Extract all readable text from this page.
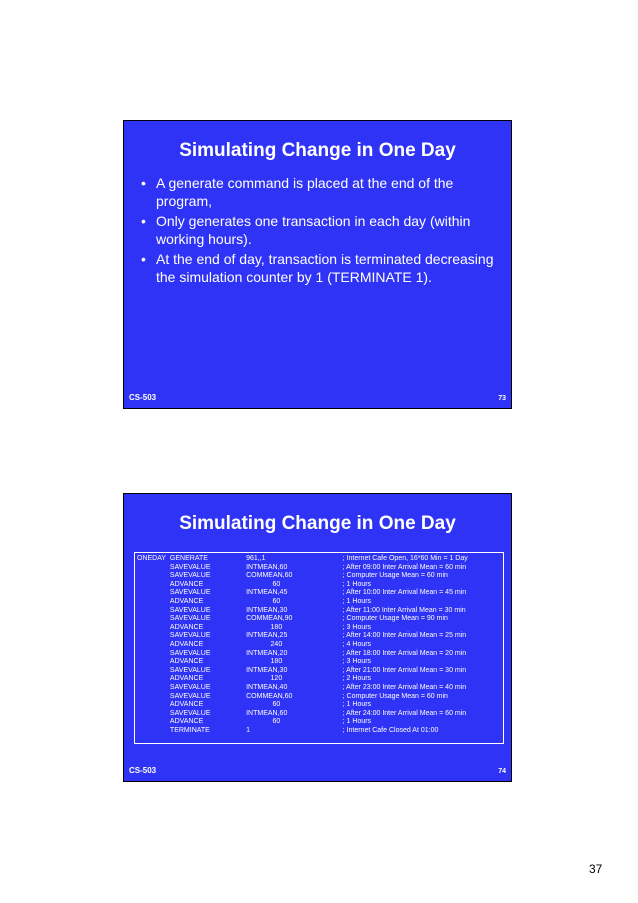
Simulating Change in One Day
• A generate command is placed at the end of the program,
• Only generates one transaction in each day (within working hours).
• At the end of day, transaction is terminated decreasing the simulation counter by 1 (TERMINATE 1).
CS-503	73
Simulating Change in One Day
ONEDAY	GENERATE	961,,1	; Internet Cafe Open, 16*60 Min = 1 Day
	SAVEVALUE	INTMEAN,60	; After 09:00 Inter Arrival Mean = 60 min
	SAVEVALUE	COMMEAN,60	; Computer Usage Mean = 60 min
	ADVANCE	60	; 1 Hours
	SAVEVALUE	INTMEAN,45	; After 10:00 Inter Arrival Mean = 45 min
	ADVANCE	60	; 1 Hours
	SAVEVALUE	INTMEAN,30	; After 11:00 Inter Arrival Mean = 30 min
	SAVEVALUE	COMMEAN,90	; Computer Usage Mean = 90 min
	ADVANCE	180	; 3 Hours
	SAVEVALUE	INTMEAN,25	; After 14:00 Inter Arrival Mean = 25 min
	ADVANCE	240	; 4 Hours
	SAVEVALUE	INTMEAN,20	; After 18:00 Inter Arrival Mean = 20 min
	ADVANCE	180	; 3 Hours
	SAVEVALUE	INTMEAN,30	; After 21:00 Inter Arrival Mean = 30 min
	ADVANCE	120	; 2 Hours
	SAVEVALUE	INTMEAN,40	; After 23:00 Inter Arrival Mean = 40 min
	SAVEVALUE	COMMEAN,60	; Computer Usage Mean = 60 min
	ADVANCE	60	; 1 Hours
	SAVEVALUE	INTMEAN,60	; After 24:00 Inter Arrival Mean = 60 min
	ADVANCE	60	; 1 Hours
	TERMINATE	1	; Internet Cafe Closed At 01:00
CS-503	74
37
